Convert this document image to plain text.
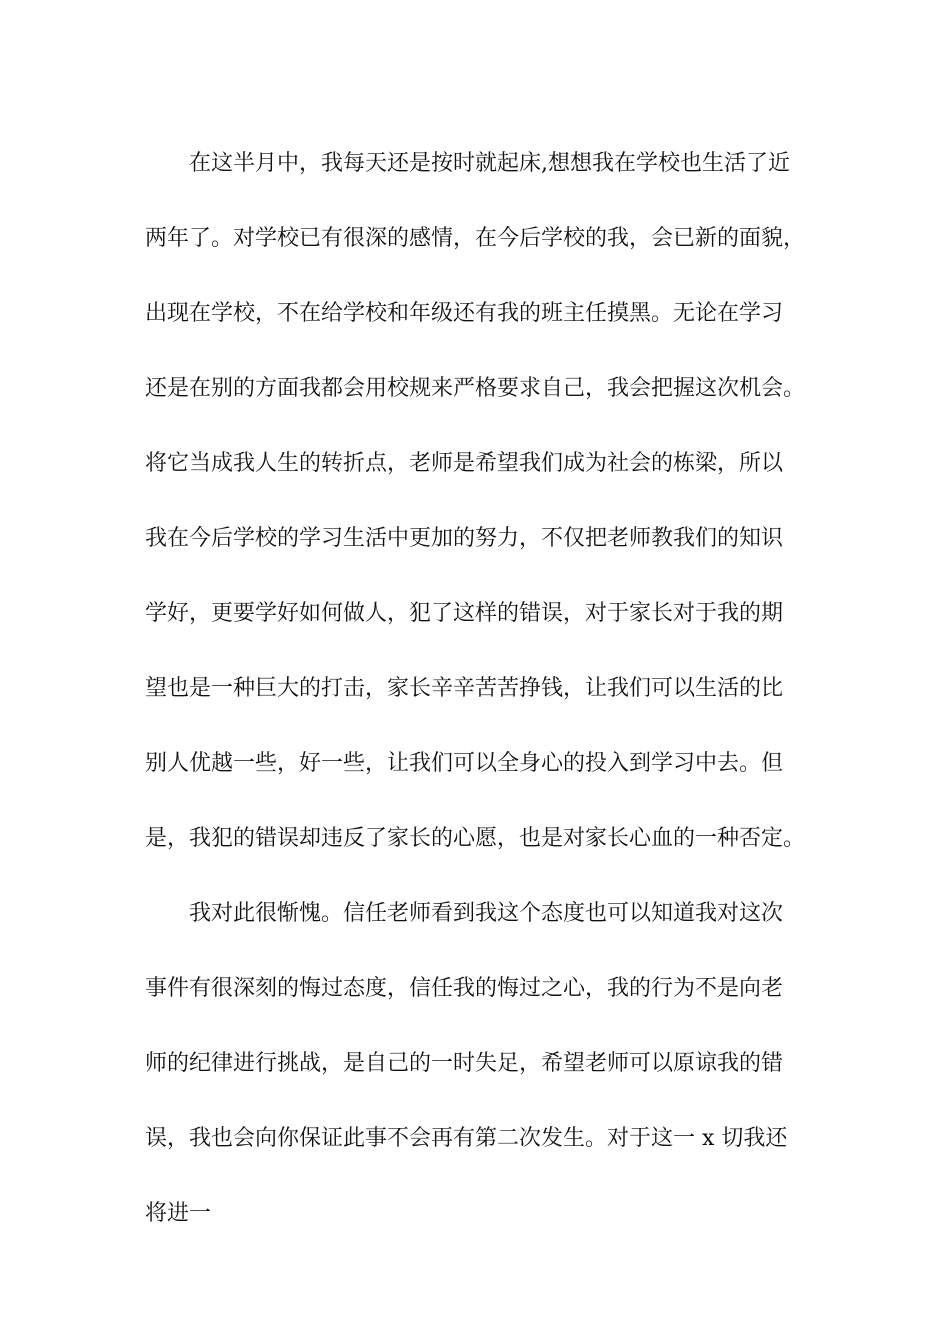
在这半月中，我每天还是按时就起床,想想我在学校也生活了近
两年了。对学校已有很深的感情，在今后学校的我，会已新的面貌，
出现在学校，不在给学校和年级还有我的班主任摸黑。无论在学习
还是在别的方面我都会用校规来严格要求自己，我会把握这次机会。
将它当成我人生的转折点，老师是希望我们成为社会的栋梁，所以
我在今后学校的学习生活中更加的努力，不仅把老师教我们的知识
学好，更要学好如何做人，犯了这样的错误，对于家长对于我的期
望也是一种巨大的打击，家长辛辛苦苦挣钱，让我们可以生活的比
别人优越一些，好一些，让我们可以全身心的投入到学习中去。但
是，我犯的错误却违反了家长的心愿，也是对家长心血的一种否定。
我对此很惭愧。信任老师看到我这个态度也可以知道我对这次
事件有很深刻的悔过态度，信任我的悔过之心，我的行为不是向老
师的纪律进行挑战，是自己的一时失足，希望老师可以原谅我的错
误，我也会向你保证此事不会再有第二次发生。对于这一 x 切我还
将进一
